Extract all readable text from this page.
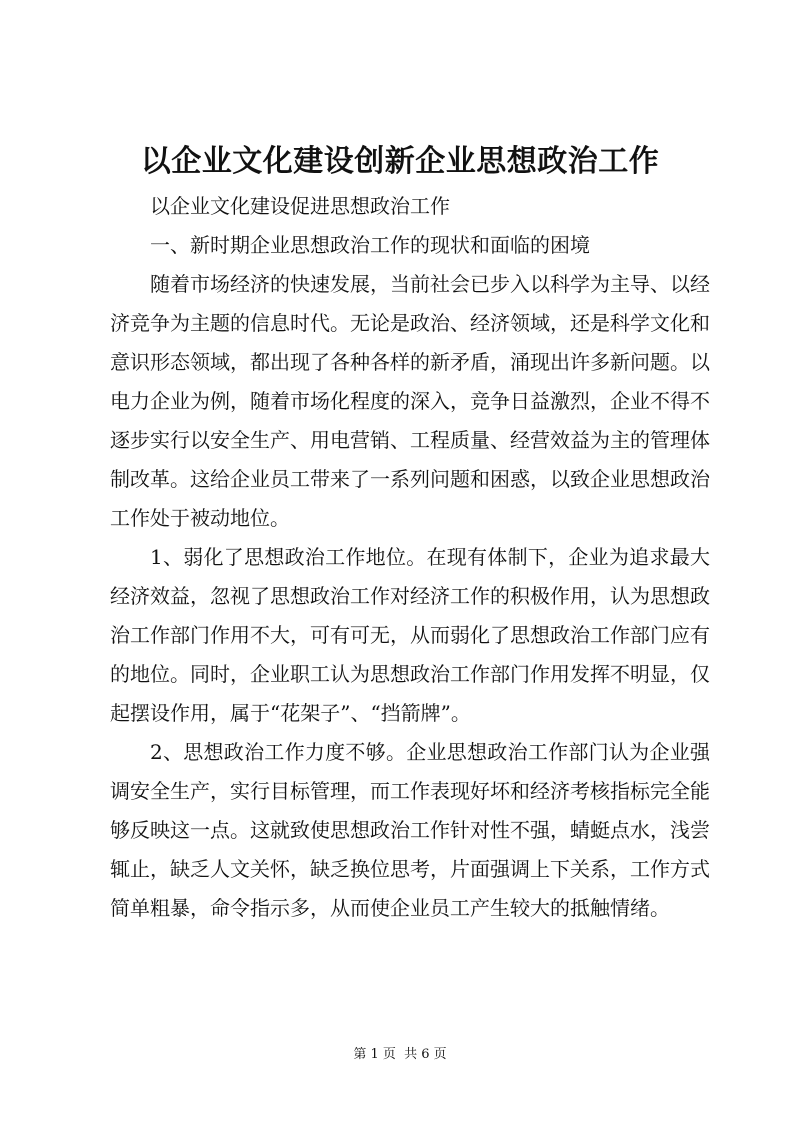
以企业文化建设创新企业思想政治工作

以企业文化建设促进思想政治工作

一、新时期企业思想政治工作的现状和面临的困境

随着市场经济的快速发展，当前社会已步入以科学为主导、以经济竞争为主题的信息时代。无论是政治、经济领域，还是科学文化和意识形态领域，都出现了各种各样的新矛盾，涌现出许多新问题。以电力企业为例，随着市场化程度的深入，竞争日益激烈，企业不得不逐步实行以安全生产、用电营销、工程质量、经营效益为主的管理体制改革。这给企业员工带来了一系列问题和困惑，以致企业思想政治工作处于被动地位。

1、弱化了思想政治工作地位。在现有体制下，企业为追求最大经济效益，忽视了思想政治工作对经济工作的积极作用，认为思想政治工作部门作用不大，可有可无，从而弱化了思想政治工作部门应有的地位。同时，企业职工认为思想政治工作部门作用发挥不明显，仅起摆设作用，属于“花架子”、“挡箭牌”。

2、思想政治工作力度不够。企业思想政治工作部门认为企业强调安全生产，实行目标管理，而工作表现好坏和经济考核指标完全能够反映这一点。这就致使思想政治工作针对性不强，蜻蜓点水，浅尝辄止，缺乏人文关怀，缺乏换位思考，片面强调上下关系，工作方式简单粗暴，命令指示多，从而使企业员工产生较大的抵触情绪。

第 1 页  共 6 页
